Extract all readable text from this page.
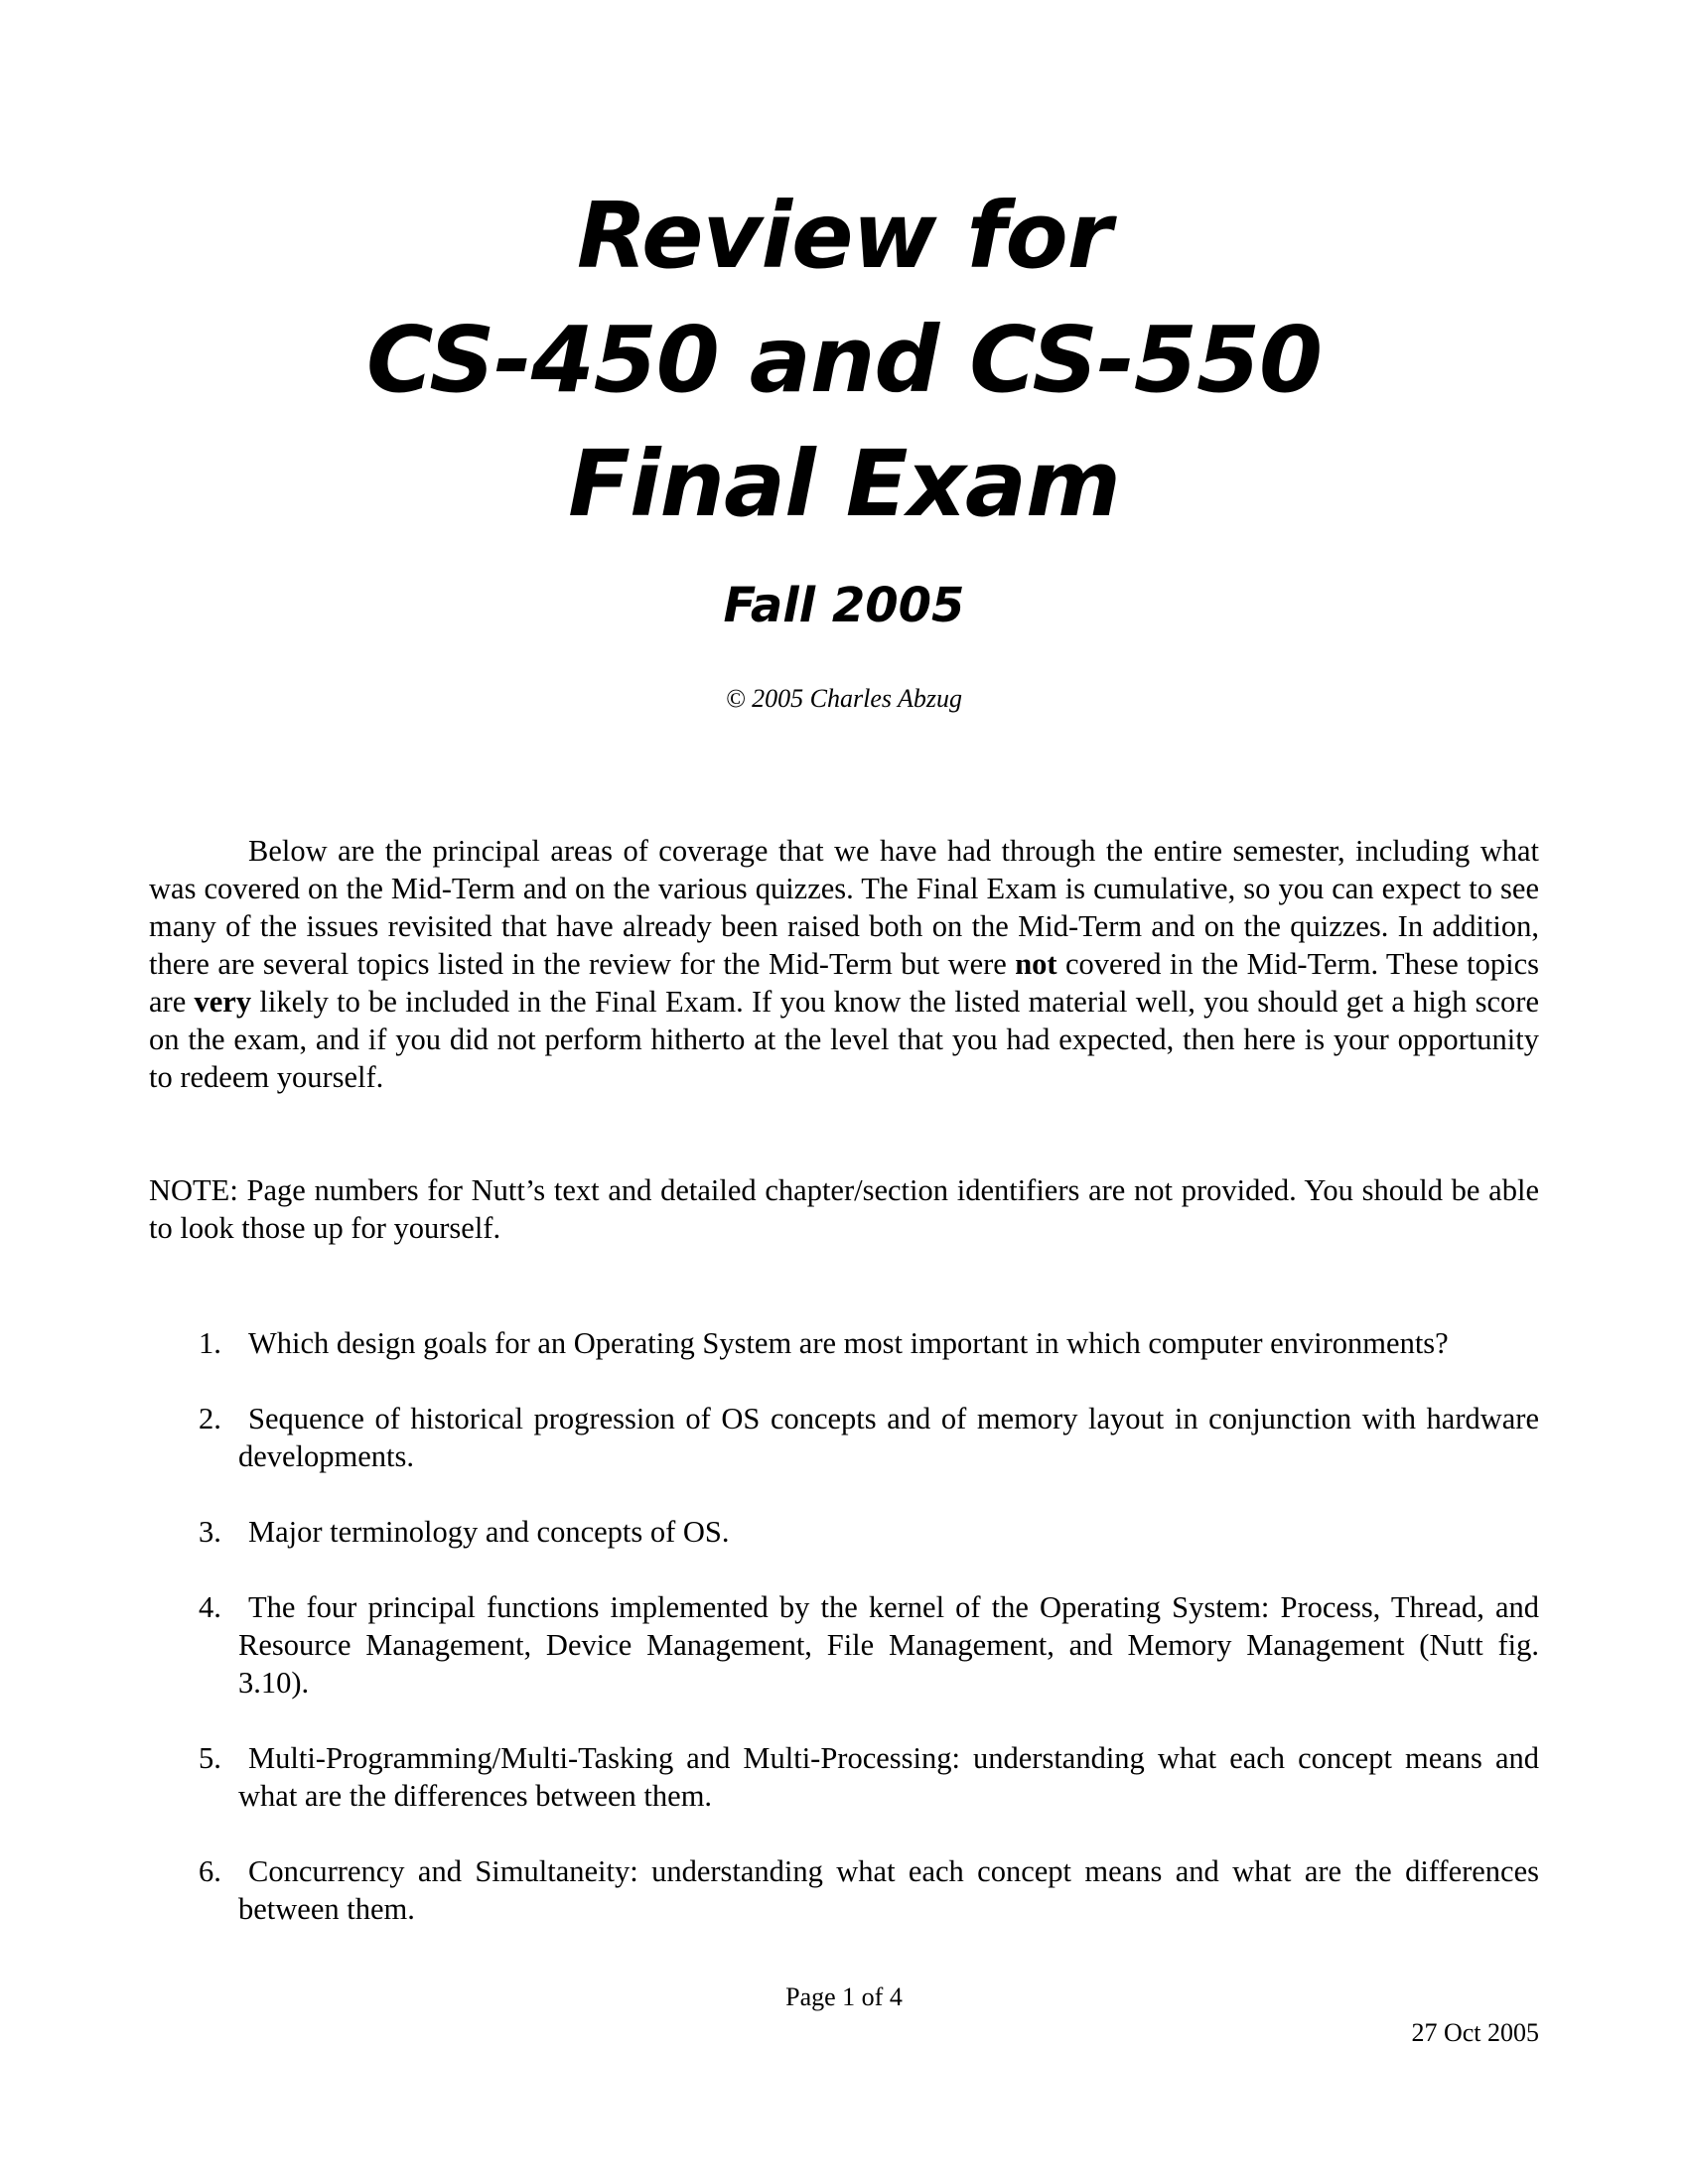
Review for
CS-450 and CS-550
Final Exam
Fall 2005
© 2005 Charles Abzug

Below are the principal areas of coverage that we have had through the entire semester, including what was covered on the Mid-Term and on the various quizzes. The Final Exam is cumulative, so you can expect to see many of the issues revisited that have already been raised both on the Mid-Term and on the quizzes. In addition, there are several topics listed in the review for the Mid-Term but were not covered in the Mid-Term. These topics are very likely to be included in the Final Exam. If you know the listed material well, you should get a high score on the exam, and if you did not perform hitherto at the level that you had expected, then here is your opportunity to redeem yourself.

NOTE: Page numbers for Nutt’s text and detailed chapter/section identifiers are not provided. You should be able to look those up for yourself.

1. Which design goals for an Operating System are most important in which computer environments?
2. Sequence of historical progression of OS concepts and of memory layout in conjunction with hardware developments.
3. Major terminology and concepts of OS.
4. The four principal functions implemented by the kernel of the Operating System: Process, Thread, and Resource Management, Device Management, File Management, and Memory Management (Nutt fig. 3.10).
5. Multi-Programming/Multi-Tasking and Multi-Processing: understanding what each concept means and what are the differences between them.
6. Concurrency and Simultaneity: understanding what each concept means and what are the differences between them.
Page 1 of 4
27 Oct 2005
